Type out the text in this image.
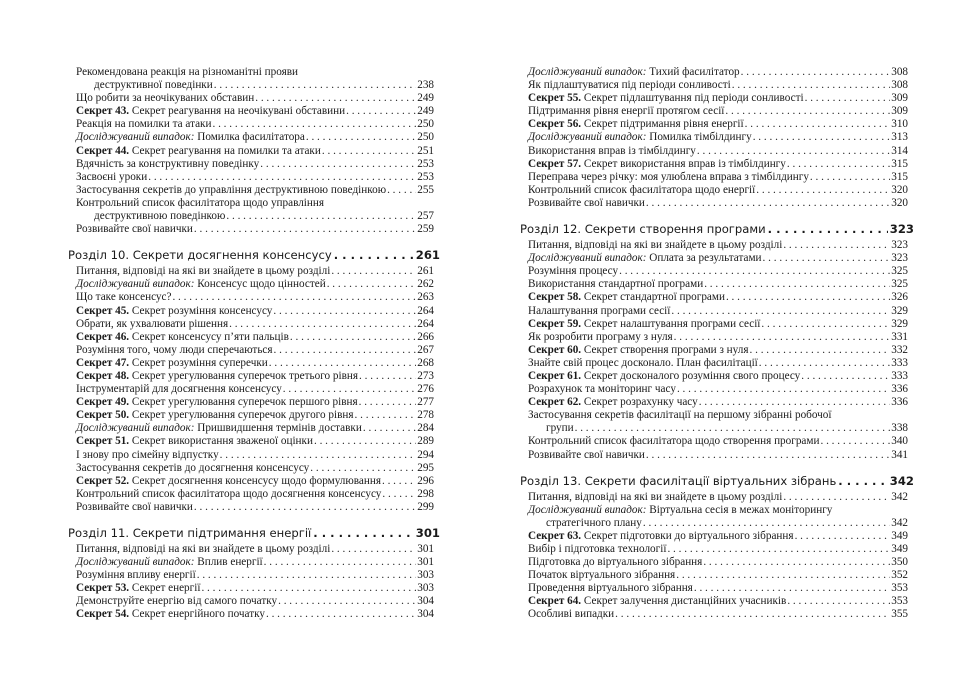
Рекомендована реакція на різноманітні прояви
деструктивної поведінки . . .	238
Що робити за неочікуваних обставин . . .	249
Секрет 43. Секрет реагування на неочікувані обставини . . .	249
Реакція на помилки та атаки . . .	250
Досліджуваний випадок: Помилка фасилітатора . . .	250
Секрет 44. Секрет реагування на помилки та атаки . . .	251
Вдячність за конструктивну поведінку . . .	253
Засвоєні уроки . . .	253
Застосування секретів до управління деструктивною поведінкою . . .	255
Контрольний список фасилітатора щодо управління
деструктивною поведінкою . . .	257
Розвивайте свої навички . . .	259
Розділ 10. Секрети досягнення консенсусу . . .	261
Питання, відповіді на які ви знайдете в цьому розділі . . .	261
Досліджуваний випадок: Консенсус щодо цінностей . . .	262
Що таке консенсус? . . .	263
Секрет 45. Секрет розуміння консенсусу . . .	264
Обрати, як ухвалювати рішення . . .	264
Секрет 46. Секрет консенсусу п’яти пальців . . .	266
Розуміння того, чому люди сперечаються . . .	267
Секрет 47. Секрет розуміння суперечки . . .	268
Секрет 48. Секрет урегулювання суперечок третього рівня . . .	273
Інструментарій для досягнення консенсусу . . .	276
Секрет 49. Секрет урегулювання суперечок першого рівня . . .	277
Секрет 50. Секрет урегулювання суперечок другого рівня . . .	278
Досліджуваний випадок: Пришвидшення термінів доставки . . .	284
Секрет 51. Секрет використання зваженої оцінки . . .	289
І знову про сімейну відпустку . . .	294
Застосування секретів до досягнення консенсусу . . .	295
Секрет 52. Секрет досягнення консенсусу щодо формулювання . . .	296
Контрольний список фасилітатора щодо досягнення консенсусу . . .	298
Розвивайте свої навички . . .	299
Розділ 11. Секрети підтримання енергії . . .	301
Питання, відповіді на які ви знайдете в цьому розділі . . .	301
Досліджуваний випадок: Вплив енергії . . .	301
Розуміння впливу енергії . . .	303
Секрет 53. Секрет енергії . . .	303
Демонструйте енергію від самого початку . . .	304
Секрет 54. Секрет енергійного початку . . .	304
Досліджуваний випадок: Тихий фасилітатор . . .	308
Як підлаштуватися під періоди сонливості . . .	308
Секрет 55. Секрет підлаштування під періоди сонливості . . .	309
Підтримання рівня енергії протягом сесії . . .	309
Секрет 56. Секрет підтримання рівня енергії . . .	310
Досліджуваний випадок: Помилка тімбілдингу . . .	313
Використання вправ із тімбілдингу . . .	314
Секрет 57. Секрет використання вправ із тімбілдингу . . .	315
Переправа через річку: моя улюблена вправа з тімбілдингу . . .	315
Контрольний список фасилітатора щодо енергії . . .	320
Розвивайте свої навички . . .	320
Розділ 12. Секрети створення програми . . .	323
Питання, відповіді на які ви знайдете в цьому розділі . . .	323
Досліджуваний випадок: Оплата за результатами . . .	323
Розуміння процесу . . .	325
Використання стандартної програми . . .	325
Секрет 58. Секрет стандартної програми . . .	326
Налаштування програми сесії . . .	329
Секрет 59. Секрет налаштування програми сесії . . .	329
Як розробити програму з нуля . . .	331
Секрет 60. Секрет створення програми з нуля . . .	332
Знайте свій процес досконало. План фасилітації . . .	333
Секрет 61. Секрет досконалого розуміння свого процесу . . .	333
Розрахунок та моніторинг часу . . .	336
Секрет 62. Секрет розрахунку часу . . .	336
Застосування секретів фасилітації на першому зібранні робочої
групи . . .	338
Контрольний список фасилітатора щодо створення програми . . .	340
Розвивайте свої навички . . .	341
Розділ 13. Секрети фасилітації віртуальних зібрань . . .	342
Питання, відповіді на які ви знайдете в цьому розділі . . .	342
Досліджуваний випадок: Віртуальна сесія в межах моніторингу
стратегічного плану . . .	342
Секрет 63. Секрет підготовки до віртуального зібрання . . .	349
Вибір і підготовка технології . . .	349
Підготовка до віртуального зібрання . . .	350
Початок віртуального зібрання . . .	352
Проведення віртуального зібрання . . .	353
Секрет 64. Секрет залучення дистанційних учасників . . .	353
Особливі випадки . . .	355
